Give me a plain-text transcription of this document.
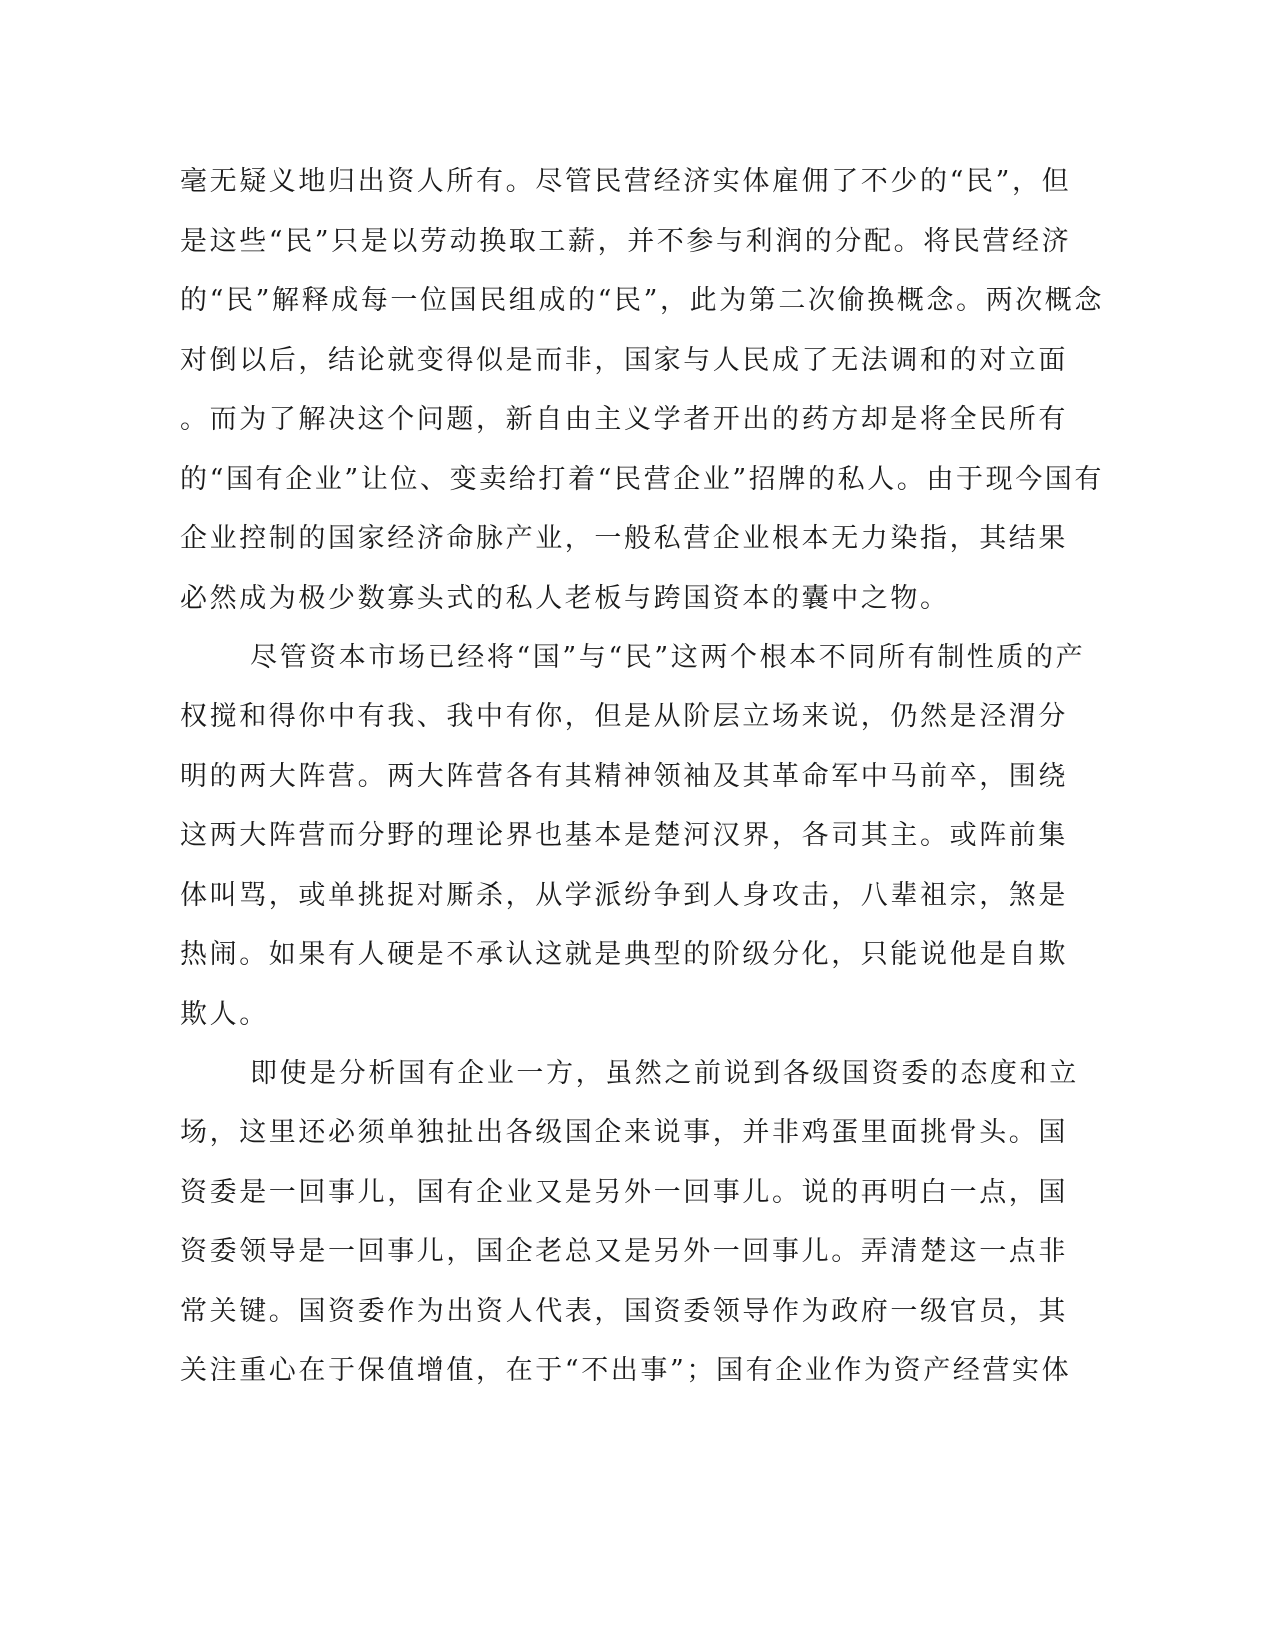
毫无疑义地归出资人所有。尽管民营经济实体雇佣了不少的“民”，但
是这些“民”只是以劳动换取工薪，并不参与利润的分配。将民营经济
的“民”解释成每一位国民组成的“民”，此为第二次偷换概念。两次概念
对倒以后，结论就变得似是而非，国家与人民成了无法调和的对立面
。而为了解决这个问题，新自由主义学者开出的药方却是将全民所有
的“国有企业”让位、变卖给打着“民营企业”招牌的私人。由于现今国有
企业控制的国家经济命脉产业，一般私营企业根本无力染指，其结果
必然成为极少数寡头式的私人老板与跨国资本的囊中之物。
尽管资本市场已经将“国”与“民”这两个根本不同所有制性质的产
权搅和得你中有我、我中有你，但是从阶层立场来说，仍然是泾渭分
明的两大阵营。两大阵营各有其精神领袖及其革命军中马前卒，围绕
这两大阵营而分野的理论界也基本是楚河汉界，各司其主。或阵前集
体叫骂，或单挑捉对厮杀，从学派纷争到人身攻击，八辈祖宗，煞是
热闹。如果有人硬是不承认这就是典型的阶级分化，只能说他是自欺
欺人。
即使是分析国有企业一方，虽然之前说到各级国资委的态度和立
场，这里还必须单独扯出各级国企来说事，并非鸡蛋里面挑骨头。国
资委是一回事儿，国有企业又是另外一回事儿。说的再明白一点，国
资委领导是一回事儿，国企老总又是另外一回事儿。弄清楚这一点非
常关键。国资委作为出资人代表，国资委领导作为政府一级官员，其
关注重心在于保值增值，在于“不出事”；国有企业作为资产经营实体
